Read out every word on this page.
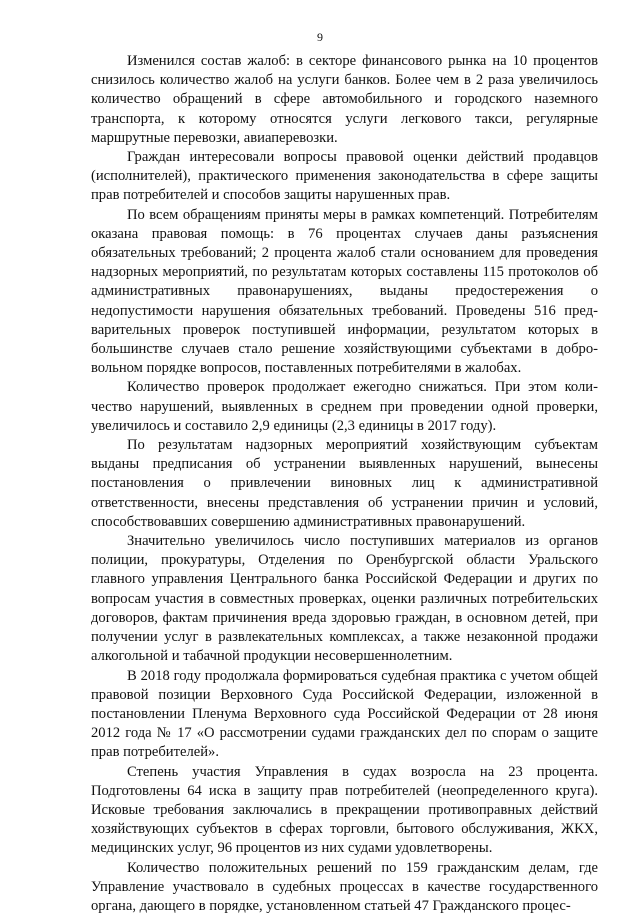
9

Изменился состав жалоб: в секторе финансового рынка на 10 процентов снизилось количество жалоб на услуги банков. Более чем в 2 раза увеличилось количество обращений в сфере автомобильного и городского наземного транспорта, к которому относятся услуги легкового такси, регулярные маршрутные перевозки, авиаперевозки.

Граждан интересовали вопросы правовой оценки действий продавцов (исполнителей), практического применения законодательства в сфере защиты прав потребителей и способов защиты нарушенных прав.

По всем обращениям приняты меры в рамках компетенций. Потребителям оказана правовая помощь: в 76 процентах случаев даны разъяснения обязательных требований; 2 процента жалоб стали основанием для проведения надзорных мероприятий, по результатам которых составлены 115 протоколов об административных правонарушениях, выданы предостережения о недопустимости нарушения обязательных требований. Проведены 516 предварительных проверок поступившей информации, результатом которых в большинстве случаев стало решение хозяйствующими субъектами в добровольном порядке вопросов, поставленных потребителями в жалобах.

Количество проверок продолжает ежегодно снижаться. При этом количество нарушений, выявленных в среднем при проведении одной проверки, увеличилось и составило 2,9 единицы (2,3 единицы в 2017 году).

По результатам надзорных мероприятий хозяйствующим субъектам выданы предписания об устранении выявленных нарушений, вынесены постановления о привлечении виновных лиц к административной ответственности, внесены представления об устранении причин и условий, способствовавших совершению административных правонарушений.

Значительно увеличилось число поступивших материалов из органов полиции, прокуратуры, Отделения по Оренбургской области Уральского главного управления Центрального банка Российской Федерации и других по вопросам участия в совместных проверках, оценки различных потребительских договоров, фактам причинения вреда здоровью граждан, в основном детей, при получении услуг в развлекательных комплексах, а также незаконной продажи алкогольной и табачной продукции несовершеннолетним.

В 2018 году продолжала формироваться судебная практика с учетом общей правовой позиции Верховного Суда Российской Федерации, изложенной в постановлении Пленума Верховного суда Российской Федерации от 28 июня 2012 года № 17 «О рассмотрении судами гражданских дел по спорам о защите прав потребителей».

Степень участия Управления в судах возросла на 23 процента. Подготовлены 64 иска в защиту прав потребителей (неопределенного круга). Исковые требования заключались в прекращении противоправных действий хозяйствующих субъектов в сферах торговли, бытового обслуживания, ЖКХ, медицинских услуг, 96 процентов из них судами удовлетворены.

Количество положительных решений по 159 гражданским делам, где Управление участвовало в судебных процессах в качестве государственного органа, дающего в порядке, установленном статьей 47 Гражданского процес-
